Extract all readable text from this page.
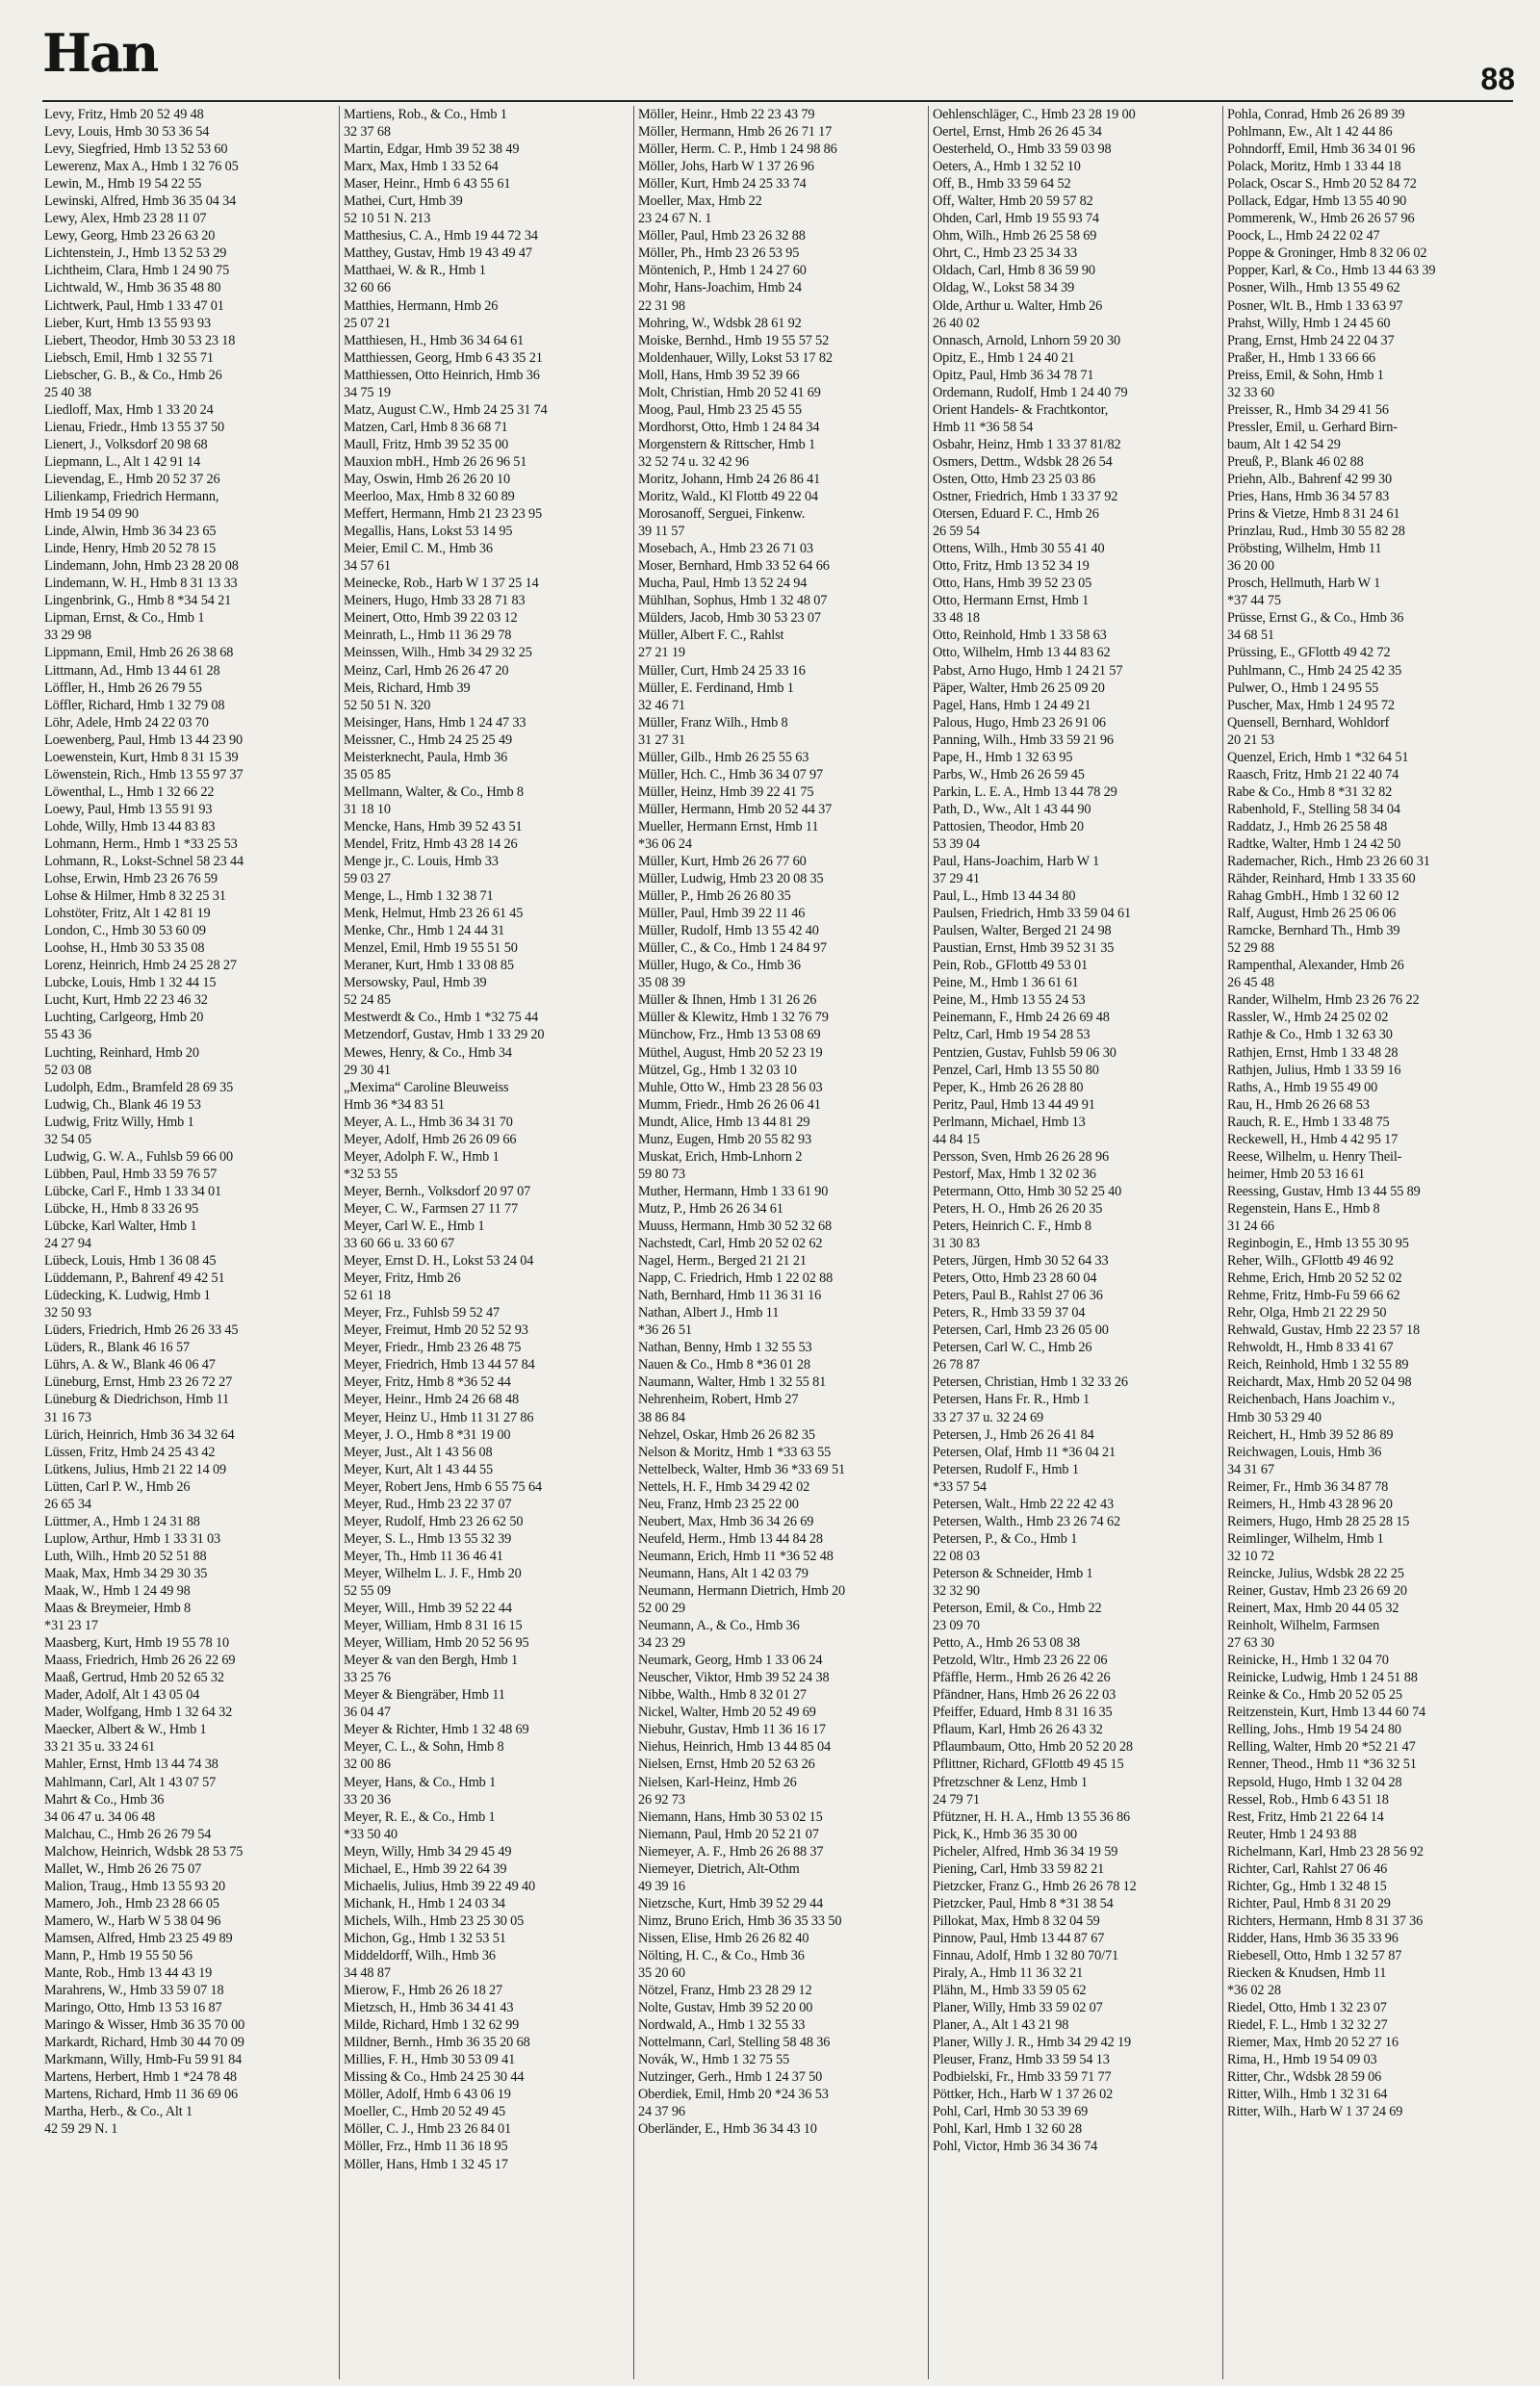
Han	88
Levy, Fritz, Hmb 20 52 49 48
Levy, Louis, Hmb 30 53 36 54
Levy, Siegfried, Hmb 13 52 53 60
Lewerenz, Max A., Hmb 1 32 76 05
Lewin, M., Hmb 19 54 22 55
Lewinski, Alfred, Hmb 36 35 04 34
Lewy, Alex, Hmb 23 28 11 07
Lewy, Georg, Hmb 23 26 63 20
Lichtenstein, J., Hmb 13 52 53 29
Lichtheim, Clara, Hmb 1 24 90 75
Lichtwald, W., Hmb 36 35 48 80
Lichtwerk, Paul, Hmb 1 33 47 01
Lieber, Kurt, Hmb 13 55 93 93
Liebert, Theodor, Hmb 30 53 23 18
Liebsch, Emil, Hmb 1 32 55 71
Liebscher, G. B., & Co., Hmb 26
25 40 38
Liedloff, Max, Hmb 1 33 20 24
Lienau, Friedr., Hmb 13 55 37 50
Lienert, J., Volksdorf 20 98 68
Liepmann, L., Alt 1 42 91 14
Lievendag, E., Hmb 20 52 37 26
Lilienkamp, Friedrich Hermann,
Hmb 19 54 09 90
Linde, Alwin, Hmb 36 34 23 65
Linde, Henry, Hmb 20 52 78 15
Lindemann, John, Hmb 23 28 20 08
Lindemann, W. H., Hmb 8 31 13 33
Lingenbrink, G., Hmb 8 *34 54 21
Lipman, Ernst, & Co., Hmb 1
33 29 98
Lippmann, Emil, Hmb 26 26 38 68
Littmann, Ad., Hmb 13 44 61 28
Löffler, H., Hmb 26 26 79 55
Löffler, Richard, Hmb 1 32 79 08
Löhr, Adele, Hmb 24 22 03 70
Loewenberg, Paul, Hmb 13 44 23 90
Loewenstein, Kurt, Hmb 8 31 15 39
Löwenstein, Rich., Hmb 13 55 97 37
Löwenthal, L., Hmb 1 32 66 22
Loewy, Paul, Hmb 13 55 91 93
Lohde, Willy, Hmb 13 44 83 83
Lohmann, Herm., Hmb 1 *33 25 53
Lohmann, R., Lokst-Schnel 58 23 44
Lohse, Erwin, Hmb 23 26 76 59
Lohse & Hilmer, Hmb 8 32 25 31
Lohstöter, Fritz, Alt 1 42 81 19
London, C., Hmb 30 53 60 09
Loohse, H., Hmb 30 53 35 08
Lorenz, Heinrich, Hmb 24 25 28 27
Lubcke, Louis, Hmb 1 32 44 15
Lucht, Kurt, Hmb 22 23 46 32
Luchting, Carlgeorg, Hmb 20
55 43 36
Luchting, Reinhard, Hmb 20
52 03 08
Ludolph, Edm., Bramfeld 28 69 35
Ludwig, Ch., Blank 46 19 53
Ludwig, Fritz Willy, Hmb 1
32 54 05
Ludwig, G. W. A., Fuhlsb 59 66 00
Lübben, Paul, Hmb 33 59 76 57
Lübcke, Carl F., Hmb 1 33 34 01
Lübcke, H., Hmb 8 33 26 95
Lübcke, Karl Walter, Hmb 1
24 27 94
Lübeck, Louis, Hmb 1 36 08 45
Lüddemann, P., Bahrenf 49 42 51
Lüdecking, K. Ludwig, Hmb 1
32 50 93
Lüders, Friedrich, Hmb 26 26 33 45
Lüders, R., Blank 46 16 57
Lührs, A. & W., Blank 46 06 47
Lüneburg, Ernst, Hmb 23 26 72 27
Lüneburg & Diedrichson, Hmb 11
31 16 73
Lürich, Heinrich, Hmb 36 34 32 64
Lüssen, Fritz, Hmb 24 25 43 42
Lütkens, Julius, Hmb 21 22 14 09
Lütten, Carl P. W., Hmb 26
26 65 34
Lüttmer, A., Hmb 1 24 31 88
Luplow, Arthur, Hmb 1 33 31 03
Luth, Wilh., Hmb 20 52 51 88
Maak, Max, Hmb 34 29 30 35
Maak, W., Hmb 1 24 49 98
Maas & Breymeier, Hmb 8
*31 23 17
Maasberg, Kurt, Hmb 19 55 78 10
Maass, Friedrich, Hmb 26 26 22 69
Maaß, Gertrud, Hmb 20 52 65 32
Mader, Adolf, Alt 1 43 05 04
Mader, Wolfgang, Hmb 1 32 64 32
Maecker, Albert & W., Hmb 1
33 21 35 u. 33 24 61
Mahler, Ernst, Hmb 13 44 74 38
Mahlmann, Carl, Alt 1 43 07 57
Mahrt & Co., Hmb 36
34 06 47 u. 34 06 48
Malchau, C., Hmb 26 26 79 54
Malchow, Heinrich, Wdsbk 28 53 75
Mallet, W., Hmb 26 26 75 07
Malion, Traug., Hmb 13 55 93 20
Mamero, Joh., Hmb 23 28 66 05
Mamero, W., Harb W 5 38 04 96
Mamsen, Alfred, Hmb 23 25 49 89
Mann, P., Hmb 19 55 50 56
Mante, Rob., Hmb 13 44 43 19
Marahrens, W., Hmb 33 59 07 18
Maringo, Otto, Hmb 13 53 16 87
Maringo & Wisser, Hmb 36 35 70 00
Markardt, Richard, Hmb 30 44 70 09
Markmann, Willy, Hmb-Fu 59 91 84
Martens, Herbert, Hmb 1 *24 78 48
Martens, Richard, Hmb 11 36 69 06
Martha, Herb., & Co., Alt 1
42 59 29 N. 1
Martiens, Rob., & Co., Hmb 1
32 37 68
Martin, Edgar, Hmb 39 52 38 49
Marx, Max, Hmb 1 33 52 64
Maser, Heinr., Hmb 6 43 55 61
Mathei, Curt, Hmb 39
52 10 51 N. 213
Matthesius, C. A., Hmb 19 44 72 34
Matthey, Gustav, Hmb 19 43 49 47
Matthaei, W. & R., Hmb 1
32 60 66
Matthies, Hermann, Hmb 26
25 07 21
Matthiesen, H., Hmb 36 34 64 61
Matthiessen, Georg, Hmb 6 43 35 21
Matthiessen, Otto Heinrich, Hmb 36
34 75 19
Matz, August C.W., Hmb 24 25 31 74
Matzen, Carl, Hmb 8 36 68 71
Maull, Fritz, Hmb 39 52 35 00
Mauxion mbH., Hmb 26 26 96 51
May, Oswin, Hmb 26 26 20 10
Meerloo, Max, Hmb 8 32 60 89
Meffert, Hermann, Hmb 21 23 23 95
Megallis, Hans, Lokst 53 14 95
Meier, Emil C. M., Hmb 36
34 57 61
Meinecke, Rob., Harb W 1 37 25 14
Meiners, Hugo, Hmb 33 28 71 83
Meinert, Otto, Hmb 39 22 03 12
Meinrath, L., Hmb 11 36 29 78
Meinssen, Wilh., Hmb 34 29 32 25
Meinz, Carl, Hmb 26 26 47 20
Meis, Richard, Hmb 39
52 50 51 N. 320
Meisinger, Hans, Hmb 1 24 47 33
Meissner, C., Hmb 24 25 25 49
Meisterknecht, Paula, Hmb 36
35 05 85
Mellmann, Walter, & Co., Hmb 8
31 18 10
Mencke, Hans, Hmb 39 52 43 51
Mendel, Fritz, Hmb 43 28 14 26
Menge jr., C. Louis, Hmb 33
59 03 27
Menge, L., Hmb 1 32 38 71
Menk, Helmut, Hmb 23 26 61 45
Menke, Chr., Hmb 1 24 44 31
Menzel, Emil, Hmb 19 55 51 50
Meraner, Kurt, Hmb 1 33 08 85
Mersowsky, Paul, Hmb 39
52 24 85
Mestwerdt & Co., Hmb 1 *32 75 44
Metzendorf, Gustav, Hmb 1 33 29 20
Mewes, Henry, & Co., Hmb 34
29 30 41
„Mexima“ Caroline Bleuweiss
Hmb 36 *34 83 51
Meyer, A. L., Hmb 36 34 31 70
Meyer, Adolf, Hmb 26 26 09 66
Meyer, Adolph F. W., Hmb 1
*32 53 55
Meyer, Bernh., Volksdorf 20 97 07
Meyer, C. W., Farmsen 27 11 77
Meyer, Carl W. E., Hmb 1
33 60 66 u. 33 60 67
Meyer, Ernst D. H., Lokst 53 24 04
Meyer, Fritz, Hmb 26
52 61 18
Meyer, Frz., Fuhlsb 59 52 47
Meyer, Freimut, Hmb 20 52 52 93
Meyer, Friedr., Hmb 23 26 48 75
Meyer, Friedrich, Hmb 13 44 57 84
Meyer, Fritz, Hmb 8 *36 52 44
Meyer, Heinr., Hmb 24 26 68 48
Meyer, Heinz U., Hmb 11 31 27 86
Meyer, J. O., Hmb 8 *31 19 00
Meyer, Just., Alt 1 43 56 08
Meyer, Kurt, Alt 1 43 44 55
Meyer, Robert Jens, Hmb 6 55 75 64
Meyer, Rud., Hmb 23 22 37 07
Meyer, Rudolf, Hmb 23 26 62 50
Meyer, S. L., Hmb 13 55 32 39
Meyer, Th., Hmb 11 36 46 41
Meyer, Wilhelm L. J. F., Hmb 20
52 55 09
Meyer, Will., Hmb 39 52 22 44
Meyer, William, Hmb 8 31 16 15
Meyer, William, Hmb 20 52 56 95
Meyer & van den Bergh, Hmb 1
33 25 76
Meyer & Biengräber, Hmb 11
36 04 47
Meyer & Richter, Hmb 1 32 48 69
Meyer, C. L., & Sohn, Hmb 8
32 00 86
Meyer, Hans, & Co., Hmb 1
33 20 36
Meyer, R. E., & Co., Hmb 1
*33 50 40
Meyn, Willy, Hmb 34 29 45 49
Michael, E., Hmb 39 22 64 39
Michaelis, Julius, Hmb 39 22 49 40
Michank, H., Hmb 1 24 03 34
Michels, Wilh., Hmb 23 25 30 05
Michon, Gg., Hmb 1 32 53 51
Middeldorff, Wilh., Hmb 36
34 48 87
Mierow, F., Hmb 26 26 18 27
Mietzsch, H., Hmb 36 34 41 43
Milde, Richard, Hmb 1 32 62 99
Mildner, Bernh., Hmb 36 35 20 68
Millies, F. H., Hmb 30 53 09 41
Missing & Co., Hmb 24 25 30 44
Möller, Adolf, Hmb 6 43 06 19
Moeller, C., Hmb 20 52 49 45
Möller, C. J., Hmb 23 26 84 01
Möller, Frz., Hmb 11 36 18 95
Möller, Hans, Hmb 1 32 45 17
Möller, Heinr., Hmb 22 23 43 79
Möller, Hermann, Hmb 26 26 71 17
Möller, Herm. C. P., Hmb 1 24 98 86
Möller, Johs, Harb W 1 37 26 96
Möller, Kurt, Hmb 24 25 33 74
Moeller, Max, Hmb 22
23 24 67 N. 1
Möller, Paul, Hmb 23 26 32 88
Möller, Ph., Hmb 23 26 53 95
Möntenich, P., Hmb 1 24 27 60
Mohr, Hans-Joachim, Hmb 24
22 31 98
Mohring, W., Wdsbk 28 61 92
Moiske, Bernhd., Hmb 19 55 57 52
Moldenhauer, Willy, Lokst 53 17 82
Moll, Hans, Hmb 39 52 39 66
Molt, Christian, Hmb 20 52 41 69
Moog, Paul, Hmb 23 25 45 55
Mordhorst, Otto, Hmb 1 24 84 34
Morgenstern & Rittscher, Hmb 1
32 52 74 u. 32 42 96
Moritz, Johann, Hmb 24 26 86 41
Moritz, Wald., Kl Flottb 49 22 04
Morosanoff, Serguei, Finkenw.
39 11 57
Mosebach, A., Hmb 23 26 71 03
Moser, Bernhard, Hmb 33 52 64 66
Mucha, Paul, Hmb 13 52 24 94
Mühlhan, Sophus, Hmb 1 32 48 07
Mülders, Jacob, Hmb 30 53 23 07
Müller, Albert F. C., Rahlst
27 21 19
Müller, Curt, Hmb 24 25 33 16
Müller, E. Ferdinand, Hmb 1
32 46 71
Müller, Franz Wilh., Hmb 8
31 27 31
Müller, Gilb., Hmb 26 25 55 63
Müller, Hch. C., Hmb 36 34 07 97
Müller, Heinz, Hmb 39 22 41 75
Müller, Hermann, Hmb 20 52 44 37
Mueller, Hermann Ernst, Hmb 11
*36 06 24
Müller, Kurt, Hmb 26 26 77 60
Müller, Ludwig, Hmb 23 20 08 35
Müller, P., Hmb 26 26 80 35
Müller, Paul, Hmb 39 22 11 46
Müller, Rudolf, Hmb 13 55 42 40
Müller, C., & Co., Hmb 1 24 84 97
Müller, Hugo, & Co., Hmb 36
35 08 39
Müller & Ihnen, Hmb 1 31 26 26
Müller & Klewitz, Hmb 1 32 76 79
Münchow, Frz., Hmb 13 53 08 69
Müthel, August, Hmb 20 52 23 19
Mützel, Gg., Hmb 1 32 03 10
Muhle, Otto W., Hmb 23 28 56 03
Mumm, Friedr., Hmb 26 26 06 41
Mundt, Alice, Hmb 13 44 81 29
Munz, Eugen, Hmb 20 55 82 93
Muskat, Erich, Hmb-Lnhorn 2
59 80 73
Muther, Hermann, Hmb 1 33 61 90
Mutz, P., Hmb 26 26 34 61
Muuss, Hermann, Hmb 30 52 32 68
Nachstedt, Carl, Hmb 20 52 02 62
Nagel, Herm., Berged 21 21 21
Napp, C. Friedrich, Hmb 1 22 02 88
Nath, Bernhard, Hmb 11 36 31 16
Nathan, Albert J., Hmb 11
*36 26 51
Nathan, Benny, Hmb 1 32 55 53
Nauen & Co., Hmb 8 *36 01 28
Naumann, Walter, Hmb 1 32 55 81
Nehrenheim, Robert, Hmb 27
38 86 84
Nehzel, Oskar, Hmb 26 26 82 35
Nelson & Moritz, Hmb 1 *33 63 55
Nettelbeck, Walter, Hmb 36 *33 69 51
Nettels, H. F., Hmb 34 29 42 02
Neu, Franz, Hmb 23 25 22 00
Neubert, Max, Hmb 36 34 26 69
Neufeld, Herm., Hmb 13 44 84 28
Neumann, Erich, Hmb 11 *36 52 48
Neumann, Hans, Alt 1 42 03 79
Neumann, Hermann Dietrich, Hmb 20
52 00 29
Neumann, A., & Co., Hmb 36
34 23 29
Neumark, Georg, Hmb 1 33 06 24
Neuscher, Viktor, Hmb 39 52 24 38
Nibbe, Walth., Hmb 8 32 01 27
Nickel, Walter, Hmb 20 52 49 69
Niebuhr, Gustav, Hmb 11 36 16 17
Niehus, Heinrich, Hmb 13 44 85 04
Nielsen, Ernst, Hmb 20 52 63 26
Nielsen, Karl-Heinz, Hmb 26
26 92 73
Niemann, Hans, Hmb 30 53 02 15
Niemann, Paul, Hmb 20 52 21 07
Niemeyer, A. F., Hmb 26 26 88 37
Niemeyer, Dietrich, Alt-Othm
49 39 16
Nietzsche, Kurt, Hmb 39 52 29 44
Nimz, Bruno Erich, Hmb 36 35 33 50
Nissen, Elise, Hmb 26 26 82 40
Nölting, H. C., & Co., Hmb 36
35 20 60
Nötzel, Franz, Hmb 23 28 29 12
Nolte, Gustav, Hmb 39 52 20 00
Nordwald, A., Hmb 1 32 55 33
Nottelmann, Carl, Stelling 58 48 36
Novák, W., Hmb 1 32 75 55
Nutzinger, Gerh., Hmb 1 24 37 50
Oberdiek, Emil, Hmb 20 *24 36 53
24 37 96
Oberländer, E., Hmb 36 34 43 10
Oehlenschläger, C., Hmb 23 28 19 00
Oertel, Ernst, Hmb 26 26 45 34
Oesterheld, O., Hmb 33 59 03 98
Oeters, A., Hmb 1 32 52 10
Off, B., Hmb 33 59 64 52
Off, Walter, Hmb 20 59 57 82
Ohden, Carl, Hmb 19 55 93 74
Ohm, Wilh., Hmb 26 25 58 69
Ohrt, C., Hmb 23 25 34 33
Oldach, Carl, Hmb 8 36 59 90
Oldag, W., Lokst 58 34 39
Olde, Arthur u. Walter, Hmb 26
26 40 02
Onnasch, Arnold, Lnhorn 59 20 30
Opitz, E., Hmb 1 24 40 21
Opitz, Paul, Hmb 36 34 78 71
Ordemann, Rudolf, Hmb 1 24 40 79
Orient Handels- & Frachtkontor,
Hmb 11 *36 58 54
Osbahr, Heinz, Hmb 1 33 37 81/82
Osmers, Dettm., Wdsbk 28 26 54
Osten, Otto, Hmb 23 25 03 86
Ostner, Friedrich, Hmb 1 33 37 92
Otersen, Eduard F. C., Hmb 26
26 59 54
Ottens, Wilh., Hmb 30 55 41 40
Otto, Fritz, Hmb 13 52 34 19
Otto, Hans, Hmb 39 52 23 05
Otto, Hermann Ernst, Hmb 1
33 48 18
Otto, Reinhold, Hmb 1 33 58 63
Otto, Wilhelm, Hmb 13 44 83 62
Pabst, Arno Hugo, Hmb 1 24 21 57
Päper, Walter, Hmb 26 25 09 20
Pagel, Hans, Hmb 1 24 49 21
Palous, Hugo, Hmb 23 26 91 06
Panning, Wilh., Hmb 33 59 21 96
Pape, H., Hmb 1 32 63 95
Parbs, W., Hmb 26 26 59 45
Parkin, L. E. A., Hmb 13 44 78 29
Path, D., Ww., Alt 1 43 44 90
Pattosien, Theodor, Hmb 20
53 39 04
Paul, Hans-Joachim, Harb W 1
37 29 41
Paul, L., Hmb 13 44 34 80
Paulsen, Friedrich, Hmb 33 59 04 61
Paulsen, Walter, Berged 21 24 98
Paustian, Ernst, Hmb 39 52 31 35
Pein, Rob., GFlottb 49 53 01
Peine, M., Hmb 1 36 61 61
Peine, M., Hmb 13 55 24 53
Peinemann, F., Hmb 24 26 69 48
Peltz, Carl, Hmb 19 54 28 53
Pentzien, Gustav, Fuhlsb 59 06 30
Penzel, Carl, Hmb 13 55 50 80
Peper, K., Hmb 26 26 28 80
Peritz, Paul, Hmb 13 44 49 91
Perlmann, Michael, Hmb 13
44 84 15
Persson, Sven, Hmb 26 26 28 96
Pestorf, Max, Hmb 1 32 02 36
Petermann, Otto, Hmb 30 52 25 40
Peters, H. O., Hmb 26 26 20 35
Peters, Heinrich C. F., Hmb 8
31 30 83
Peters, Jürgen, Hmb 30 52 64 33
Peters, Otto, Hmb 23 28 60 04
Peters, Paul B., Rahlst 27 06 36
Peters, R., Hmb 33 59 37 04
Petersen, Carl, Hmb 23 26 05 00
Petersen, Carl W. C., Hmb 26
26 78 87
Petersen, Christian, Hmb 1 32 33 26
Petersen, Hans Fr. R., Hmb 1
33 27 37 u. 32 24 69
Petersen, J., Hmb 26 26 41 84
Petersen, Olaf, Hmb 11 *36 04 21
Petersen, Rudolf F., Hmb 1
*33 57 54
Petersen, Walt., Hmb 22 22 42 43
Petersen, Walth., Hmb 23 26 74 62
Petersen, P., & Co., Hmb 1
22 08 03
Peterson & Schneider, Hmb 1
32 32 90
Peterson, Emil, & Co., Hmb 22
23 09 70
Petto, A., Hmb 26 53 08 38
Petzold, Wltr., Hmb 23 26 22 06
Pfäffle, Herm., Hmb 26 26 42 26
Pfändner, Hans, Hmb 26 26 22 03
Pfeiffer, Eduard, Hmb 8 31 16 35
Pflaum, Karl, Hmb 26 26 43 32
Pflaumbaum, Otto, Hmb 20 52 20 28
Pflittner, Richard, GFlottb 49 45 15
Pfretzschner & Lenz, Hmb 1
24 79 71
Pfützner, H. H. A., Hmb 13 55 36 86
Pick, K., Hmb 36 35 30 00
Picheler, Alfred, Hmb 36 34 19 59
Piening, Carl, Hmb 33 59 82 21
Pietzcker, Franz G., Hmb 26 26 78 12
Pietzcker, Paul, Hmb 8 *31 38 54
Pillokat, Max, Hmb 8 32 04 59
Pinnow, Paul, Hmb 13 44 87 67
Finnau, Adolf, Hmb 1 32 80 70/71
Piraly, A., Hmb 11 36 32 21
Plähn, M., Hmb 33 59 05 62
Planer, Willy, Hmb 33 59 02 07
Planer, A., Alt 1 43 21 98
Planer, Willy J. R., Hmb 34 29 42 19
Pleuser, Franz, Hmb 33 59 54 13
Podbielski, Fr., Hmb 33 59 71 77
Pöttker, Hch., Harb W 1 37 26 02
Pohl, Carl, Hmb 30 53 39 69
Pohl, Karl, Hmb 1 32 60 28
Pohl, Victor, Hmb 36 34 36 74
Pohla, Conrad, Hmb 26 26 89 39
Pohlmann, Ew., Alt 1 42 44 86
Pohndorff, Emil, Hmb 36 34 01 96
Polack, Moritz, Hmb 1 33 44 18
Polack, Oscar S., Hmb 20 52 84 72
Pollack, Edgar, Hmb 13 55 40 90
Pommerenk, W., Hmb 26 26 57 96
Poock, L., Hmb 24 22 02 47
Poppe & Groninger, Hmb 8 32 06 02
Popper, Karl, & Co., Hmb 13 44 63 39
Posner, Wilh., Hmb 13 55 49 62
Posner, Wlt. B., Hmb 1 33 63 97
Prahst, Willy, Hmb 1 24 45 60
Prang, Ernst, Hmb 24 22 04 37
Praßer, H., Hmb 1 33 66 66
Preiss, Emil, & Sohn, Hmb 1
32 33 60
Preisser, R., Hmb 34 29 41 56
Pressler, Emil, u. Gerhard Birn-
baum, Alt 1 42 54 29
Preuß, P., Blank 46 02 88
Priehn, Alb., Bahrenf 42 99 30
Pries, Hans, Hmb 36 34 57 83
Prins & Vietze, Hmb 8 31 24 61
Prinzlau, Rud., Hmb 30 55 82 28
Pröbsting, Wilhelm, Hmb 11
36 20 00
Prosch, Hellmuth, Harb W 1
*37 44 75
Prüsse, Ernst G., & Co., Hmb 36
34 68 51
Prüssing, E., GFlottb 49 42 72
Puhlmann, C., Hmb 24 25 42 35
Pulwer, O., Hmb 1 24 95 55
Puscher, Max, Hmb 1 24 95 72
Quensell, Bernhard, Wohldorf
20 21 53
Quenzel, Erich, Hmb 1 *32 64 51
Raasch, Fritz, Hmb 21 22 40 74
Rabe & Co., Hmb 8 *31 32 82
Rabenhold, F., Stelling 58 34 04
Raddatz, J., Hmb 26 25 58 48
Radtke, Walter, Hmb 1 24 42 50
Rademacher, Rich., Hmb 23 26 60 31
Rähder, Reinhard, Hmb 1 33 35 60
Rahag GmbH., Hmb 1 32 60 12
Ralf, August, Hmb 26 25 06 06
Ramcke, Bernhard Th., Hmb 39
52 29 88
Rampenthal, Alexander, Hmb 26
26 45 48
Rander, Wilhelm, Hmb 23 26 76 22
Rassler, W., Hmb 24 25 02 02
Rathje & Co., Hmb 1 32 63 30
Rathjen, Ernst, Hmb 1 33 48 28
Rathjen, Julius, Hmb 1 33 59 16
Raths, A., Hmb 19 55 49 00
Rau, H., Hmb 26 26 68 53
Rauch, R. E., Hmb 1 33 48 75
Reckewell, H., Hmb 4 42 95 17
Reese, Wilhelm, u. Henry Theil-
heimer, Hmb 20 53 16 61
Reessing, Gustav, Hmb 13 44 55 89
Regenstein, Hans E., Hmb 8
31 24 66
Reginbogin, E., Hmb 13 55 30 95
Reher, Wilh., GFlottb 49 46 92
Rehme, Erich, Hmb 20 52 52 02
Rehme, Fritz, Hmb-Fu 59 66 62
Rehr, Olga, Hmb 21 22 29 50
Rehwald, Gustav, Hmb 22 23 57 18
Rehwoldt, H., Hmb 8 33 41 67
Reich, Reinhold, Hmb 1 32 55 89
Reichardt, Max, Hmb 20 52 04 98
Reichenbach, Hans Joachim v.,
Hmb 30 53 29 40
Reichert, H., Hmb 39 52 86 89
Reichwagen, Louis, Hmb 36
34 31 67
Reimer, Fr., Hmb 36 34 87 78
Reimers, H., Hmb 43 28 96 20
Reimers, Hugo, Hmb 28 25 28 15
Reimlinger, Wilhelm, Hmb 1
32 10 72
Reincke, Julius, Wdsbk 28 22 25
Reiner, Gustav, Hmb 23 26 69 20
Reinert, Max, Hmb 20 44 05 32
Reinholt, Wilhelm, Farmsen
27 63 30
Reinicke, H., Hmb 1 32 04 70
Reinicke, Ludwig, Hmb 1 24 51 88
Reinke & Co., Hmb 20 52 05 25
Reitzenstein, Kurt, Hmb 13 44 60 74
Relling, Johs., Hmb 19 54 24 80
Relling, Walter, Hmb 20 *52 21 47
Renner, Theod., Hmb 11 *36 32 51
Repsold, Hugo, Hmb 1 32 04 28
Ressel, Rob., Hmb 6 43 51 18
Rest, Fritz, Hmb 21 22 64 14
Reuter, Hmb 1 24 93 88
Richelmann, Karl, Hmb 23 28 56 92
Richter, Carl, Rahlst 27 06 46
Richter, Gg., Hmb 1 32 48 15
Richter, Paul, Hmb 8 31 20 29
Richters, Hermann, Hmb 8 31 37 36
Ridder, Hans, Hmb 36 35 33 96
Riebesell, Otto, Hmb 1 32 57 87
Riecken & Knudsen, Hmb 11
*36 02 28
Riedel, Otto, Hmb 1 32 23 07
Riedel, F. L., Hmb 1 32 32 27
Riemer, Max, Hmb 20 52 27 16
Rima, H., Hmb 19 54 09 03
Ritter, Chr., Wdsbk 28 59 06
Ritter, Wilh., Hmb 1 32 31 64
Ritter, Wilh., Harb W 1 37 24 69
